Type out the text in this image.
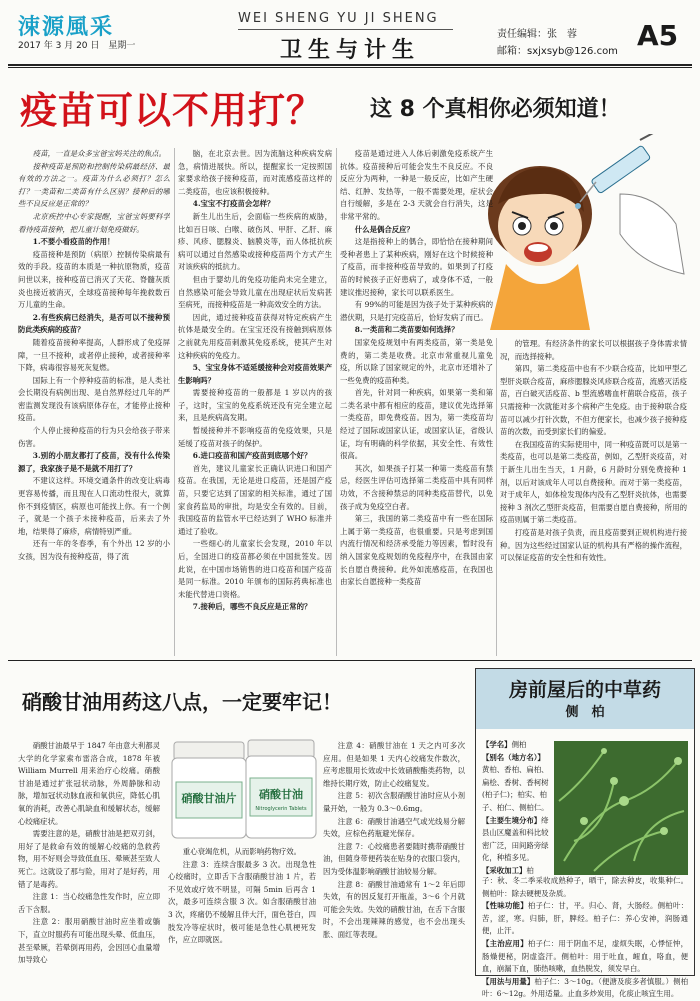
涑源風采
2017 年 3 月 20 日　星期一
WEI SHENG YU JI SHENG
卫生与计生
责任编辑：张　蓉
邮箱：sxjxsyb@126.com A5
疫苗可以不用打？ 这 8 个真相你必须知道！

疫苗，一直是众多宝爸宝妈关注的焦点。

接种疫苗是预防和控制传染病最经济、最有效的方法之一。疫苗为什么必须打？怎么打？一类苗和二类苗有什么区别？接种后的哪些不良反应是正常的？

北京疾控中心专家提醒，宝爸宝妈要科学看待疫苗接种，把儿童计划免疫做好。

1.不要小看疫苗的作用！

疫苗接种是预防（病原）控制传染病最有效的手段。疫苗的本质是一种抗原物质，疫苗问世以来，接种疫苗已消灭了天花、脊髓灰质炎也接近被消灭，全球疫苗接种每年挽救数百万儿童的生命。

2.有些疾病已经消失，是否可以不接种预防此类疾病的疫苗？

随着疫苗接种率提高，人群形成了免疫屏障，一旦不接种，或者停止接种，或者接种率下降，病毒很容易死灰复燃。

国际上有一个停种疫苗的标准，是人类社会长期没有病例出现、是自然界经过几年的严密监测发现没有该病原体存在，才能停止接种疫苗。

个人停止接种疫苗的行为只会给孩子带来伤害。

3.别的小朋友都打了疫苗，没有什么传染源了，我家孩子是不是就不用打了？

不建议这样。环境交通条件的改变让病毒更容易传播，而且现在人口流动性很大，就算你不到疫情区，病原也可能找上你。有一个例子，就是一个孩子未接种疫苗，后来去了外地，结果得了麻疹，病情特别严重。

还有一年的冬春季，有个外出 12 岁的小女孩，因为没有接种疫苗，得了流

脑，在北京去世。因为流脑这种疾病发病急，病情进展快。所以，提醒家长一定按照国家要求给孩子接种疫苗，而对流感疫苗这样的二类疫苗，也应该积极接种。

4.宝宝不打疫苗会怎样？

新生儿出生后，会面临一些疾病的威胁，比如百日咳、白喉、破伤风、甲肝、乙肝、麻疹、风疹、腮腺炎、脑膜炎等，而人体抵抗疾病可以通过自然感染或接种疫苗两个方式产生对该疾病的抵抗力。

但由于婴幼儿的免疫功能尚未完全建立，自然感染可能会导致儿童在出现症状后发病甚至病死，而接种疫苗是一种高效安全的方法。

因此，通过接种疫苗获得对特定疾病产生抗体是最安全的。在宝宝还没有接触到病原体之前就先用疫苗刺激其免疫系统，使其产生对这种疾病的免疫力。

5、宝宝身体不适延缓接种会对疫苗效果产生影响吗？

需要接种疫苗的一般都是 1 岁以内的孩子，这时，宝宝的免疫系统还没有完全建立起来，且是疾病高发期。

暂缓接种并不影响疫苗的免疫效果，只是延缓了疫苗对孩子的保护。

6.进口疫苗和国产疫苗到底哪个好？

首先，建议儿童家长正确认识进口和国产疫苗。在我国，无论是进口疫苗，还是国产疫苗，只要它达到了国家的相关标准，通过了国家食药监局的审批，均是安全有效的。目前，我国疫苗的监管水平已经达到了 WHO 标准并通过了验收。

一些细心的儿童家长会发现，2010 年以后，全国进口的疫苗都必须在中国批签发。因此说，在中国市场销售的进口疫苗和国产疫苗是同一标准。2010 年颁布的国际药典标准也未能代替进口资格。

7.接种后，哪些不良反应是正常的？

疫苗是通过进入人体后刺激免疫系统产生抗体。疫苗接种后可能会发生不良反应。不良反应分为两种，一种是一般反应，比如产生硬结、红肿、发热等，一般不需要处理，症状会自行缓解，多是在 2-3 天就会自行消失，这是非常平常的。

什么是偶合反应？

这是指接种上的偶合，即恰恰在接种期间受种者患上了某种疾病，刚好在这个时候接种了疫苗，而非接种疫苗导致的。如果到了打疫苗的时候孩子正好患病了，或身体不适，一般建议推迟接种，家长可以联系医生。

有 99%的可能是因为孩子处于某种疾病的潜伏期，只是打完疫苗后，恰好发病了而已。

8.一类苗和二类苗要如何选择？

国家免疫规划中有两类疫苗，第一类是免费的，第二类是收费。北京市常重视儿童免疫，所以除了国家规定的外，北京市还增补了一些免费的疫苗种类。

首先，针对同一种疾病，如果第一类和第二类名录中都有相应的疫苗，建议优先选择第一类疫苗，即免费疫苗。因为，第一类疫苗均经过了国际或国家认证，或国家认证，省级认证，均有明确的科学依据，其安全性、有效性很高。

其次，如果孩子打某一种第一类疫苗有禁忌，经医生评估可选择第二类疫苗中具有同样功效，不含接种禁忌的同种类疫苗替代，以免孩子成为免疫空白者。

第三，我国的第二类疫苗中有一些在国际上属于第一类疫苗，也很重要。只是考虑到国内流行情况和经济承受能力等因素，暂时没有纳入国家免疫规划的免疫程序中，在我国由家长自愿自费接种。此外如流感疫苗，在我国也由家长自愿接种一类疫苗

的管理。有经济条件的家长可以根据孩子身体需求情况，而选择接种。

第四，第二类疫苗中也有不少联合疫苗，比如甲型乙型肝炎联合疫苗，麻疹腮腺炎风疹联合疫苗，流感灭活疫苗，百白破灭活疫苗、b 型流感嗜血杆菌联合疫苗，孩子只需接种一次就能对多个病种产生免疫。由于接种联合疫苗可以减少打针次数，不但方便家长，也减少孩子接种疫苗的次数，而受到家长们的偏爱。

在我国疫苗的实际使用中，同一种疫苗既可以是第一类疫苗，也可以是第二类疫苗，例如，乙型肝炎疫苗，对于新生儿出生当天，1 月龄，6 月龄时分别免费接种 1 剂，以后对该成年人可以自费接种。而对于第一类疫苗，对于成年人，如体检发现体内没有乙型肝炎抗体，也需要接种 3 剂次乙型肝炎疫苗，但需要自愿自费接种，所用的疫苗则属于第二类疫苗。

打疫苗是对孩子负责，而且疫苗要到正规机构进行接种。因为这些经过国家认证的机构具有严格的操作流程，可以保证疫苗的安全性和有效性。

硝酸甘油用药这八点，一定要牢记！
硝酸甘油片 硝酸甘油
Nitroglycerin Tablets

硝酸甘油最早于 1847 年由意大利都灵大学的化学家索布雷洛合成，1878 年被 William Murrell 用来治疗心绞痛。硝酸甘油是通过扩张冠状动脉，外周静脉和动脉，增加冠状动脉血液和氧供应，降低心肌氧的消耗，改善心肌缺血和缓解状态，缓解心绞痛症状。

需要注意的是，硝酸甘油是把双刃剑，用好了是救命有效的缓解心绞痛的急救药物，用不好则会导致低血压、晕厥甚至致人死亡。这就设了那与险，用对了是好药，用错了是毒药。

注意 1：当心绞痛急性发作时，应立即舌下含服。

注意 2：服用硝酸甘油时应坐着或躺下，直立时服药有可能出现头晕、低血压，甚至晕厥，若晕倒再用药，会因回心血量增加导致心

重心衰竭危机，从而影响药物疗效。

注意 3：连续含服最多 3 次。出现急性心绞痛时，立即舌下含服硝酸甘油 1 片，若不见效或疗效不明显，可隔 5min 后再含 1 次，最多可连续含服 3 次。如含服硝酸甘油 3 次，疼痛仍不缓解且伴大汗，面色苍白，四肢发冷等症状时，极可能是急性心肌梗死发作，应立即就医。

注意 4：硝酸甘油在 1 天之内可多次应用。但是如果 1 天内心绞痛发作数次，应考虑服用长效或中长效硝酸酯类药物，以维持长期疗效，防止心绞痛复发。

注意 5：初次含服硝酸甘油时应从小剂量开始，一般为 0.3～0.6mg。

注意 6：硝酸甘油遇空气或光线易分解失效，应棕色药瓶避光保存。

注意 7：心绞痛患者要随时携带硝酸甘油，但随身带便药装在贴身的衣服口袋内，因为受体温影响硝酸甘油较易分解。

注意 8：硝酸甘油通常有 1～2 年后即失效，有的因反复打开瓶盖，3～6 个月就可能会失效。失效的硝酸甘油，在舌下含服时，不会出现辣辣的感觉，也不会出现头胀、面红等表现。

房前屋后的中草药
侧　柏

【学名】侧柏

【别名（地方名）】黄柏、香柏、扁柏、扁桧、香树、香柯树(柏子仁)；柏实、柏子、柏仁、侧柏仁。

【主要生境分布】绛县山区魔盖和科比较密广泛，田间路旁绿化，种植多见。

【采收加工】柏

子：秋、冬二季采收成熟种子，晒干，除去种皮，收集种仁。侧柏叶：除去硬梗及杂质。

【性味功能】柏子仁：甘，平。归心、肾，大肠经。侧柏叶：苦，涩，寒。归肺，肝，脾经。柏子仁：养心安神，润肠通便，止汗。

【主治应用】柏子仁：用于阴血不足，虚烦失眠，心悸怔忡，肠燥便秘，阴虚盗汗。侧柏叶：用于吐血，衄血，咯血，便血，崩漏下血，肺热咳嗽，血热脱发，须发早白。

【用法与用量】柏子仁：3～10g。（便溏及痰多者慎服。）侧柏叶：6～12g。外用适量。止血多炒炭用，化痰止咳宜生用。
